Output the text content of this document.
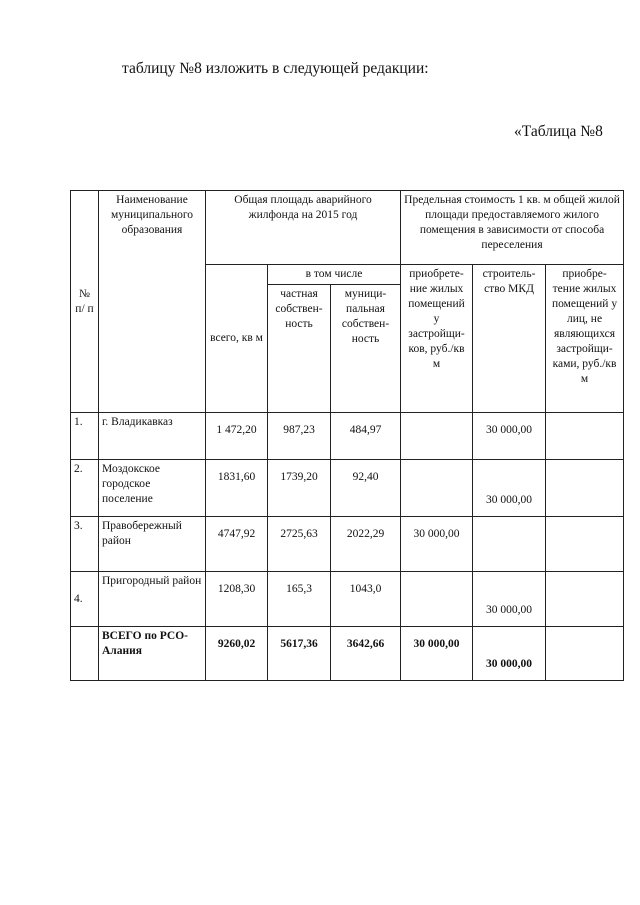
таблицу №8 изложить в следующей редакции:
«Таблица №8
№ п/ п	Наименование муниципального образования	Общая площадь аварийного жилфонда на 2015 год			Предельная стоимость 1 кв. м общей жилой площади предоставляемого жилого помещения в зависимости от способа переселения		
		всего, кв м	в том числе		приобрете-ние жилых помещений у застройщи-ков, руб./кв м	строитель-ство МКД	приобре-тение жилых помещений у лиц, не являющихся застройщи-ками, руб./кв м
			частная собствен-ность	муници-пальная собствен-ность			
1.	г. Владикавказ	1 472,20	987,23	484,97		30 000,00	
2.	Моздокское городское поселение	1831,60	1739,20	92,40		30 000,00	
3.	Правобережный район	4747,92	2725,63	2022,29	30 000,00		
4.	Пригородный район	1208,30	165,3	1043,0		30 000,00	
	ВСЕГО по РСО-Алания	9260,02	5617,36	3642,66	30 000,00	30 000,00	
